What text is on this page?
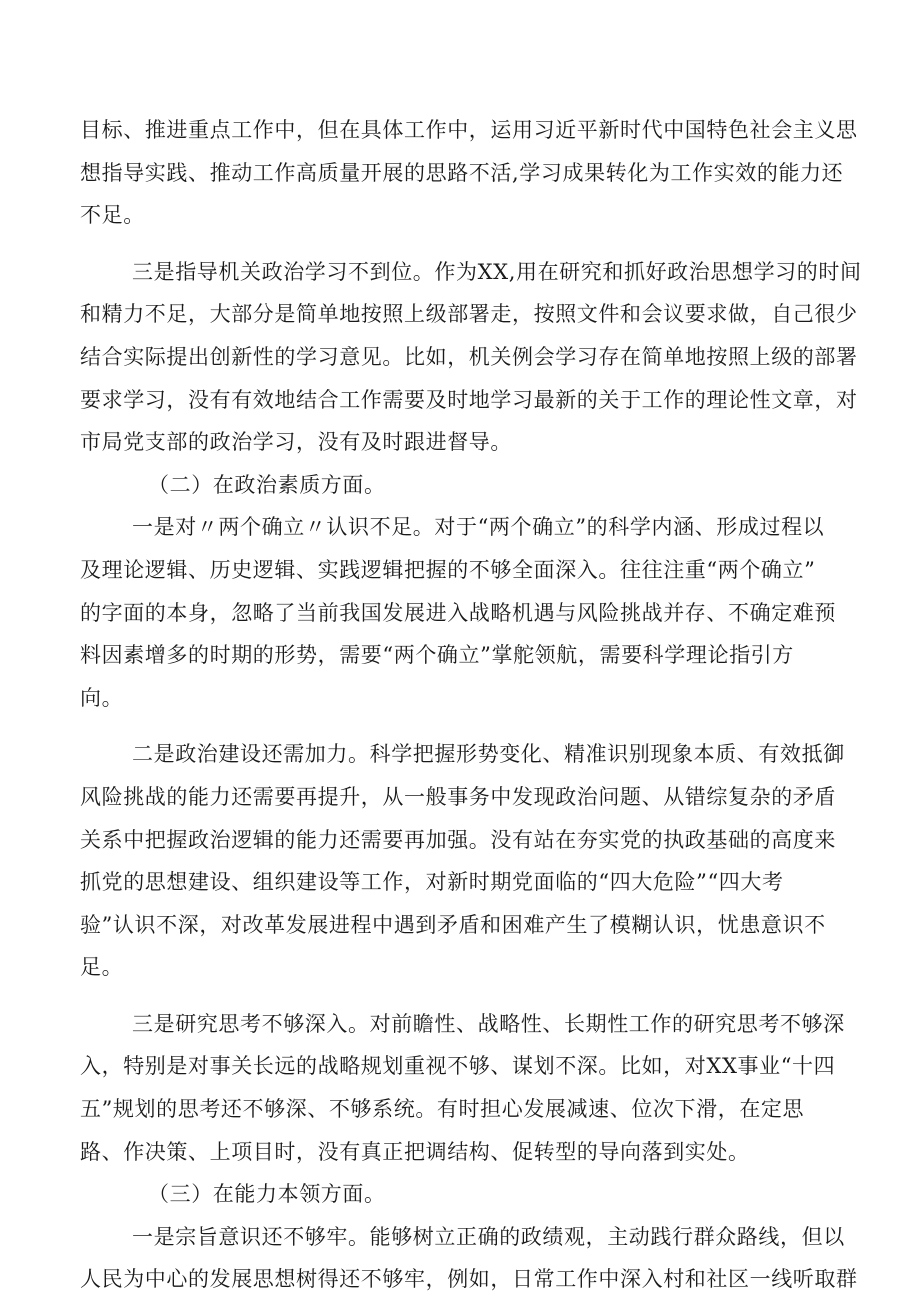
目标、推进重点工作中，但在具体工作中，运用习近平新时代中国特色社会主义思
想指导实践、推动工作高质量开展的思路不活,学习成果转化为工作实效的能力还
不足。
三是指导机关政治学习不到位。作为XX,用在研究和抓好政治思想学习的时间
和精力不足，大部分是简单地按照上级部署走，按照文件和会议要求做，自己很少
结合实际提出创新性的学习意见。比如，机关例会学习存在简单地按照上级的部署
要求学习，没有有效地结合工作需要及时地学习最新的关于工作的理论性文章，对
市局党支部的政治学习，没有及时跟进督导。
（二）在政治素质方面。
一是对〃两个确立〃认识不足。对于“两个确立”的科学内涵、形成过程以
及理论逻辑、历史逻辑、实践逻辑把握的不够全面深入。往往注重“两个确立”
的字面的本身，忽略了当前我国发展进入战略机遇与风险挑战并存、不确定难预
料因素增多的时期的形势，需要“两个确立”掌舵领航，需要科学理论指引方
向。
二是政治建设还需加力。科学把握形势变化、精准识别现象本质、有效抵御
风险挑战的能力还需要再提升，从一般事务中发现政治问题、从错综复杂的矛盾
关系中把握政治逻辑的能力还需要再加强。没有站在夯实党的执政基础的高度来
抓党的思想建设、组织建设等工作，对新时期党面临的“四大危险”“四大考
验”认识不深，对改革发展进程中遇到矛盾和困难产生了模糊认识，忧患意识不
足。
三是研究思考不够深入。对前瞻性、战略性、长期性工作的研究思考不够深
入，特别是对事关长远的战略规划重视不够、谋划不深。比如，对XX事业“十四
五”规划的思考还不够深、不够系统。有时担心发展减速、位次下滑，在定思
路、作决策、上项目时，没有真正把调结构、促转型的导向落到实处。
（三）在能力本领方面。
一是宗旨意识还不够牢。能够树立正确的政绩观，主动践行群众路线，但以
人民为中心的发展思想树得还不够牢，例如，日常工作中深入村和社区一线听取群
